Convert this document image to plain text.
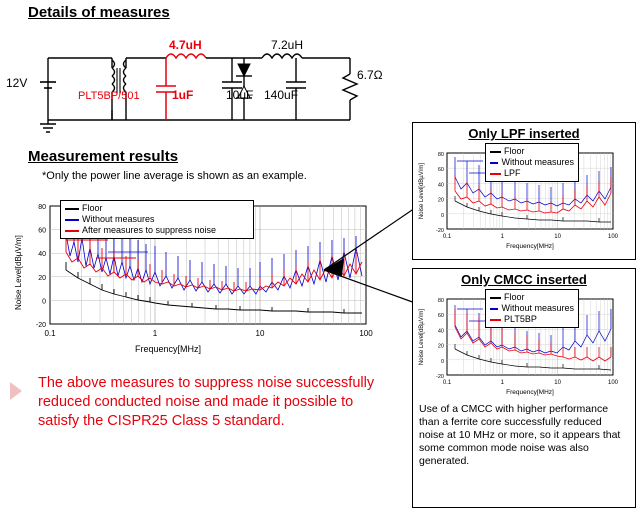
Details of measures
12V
PLT5BP/501
4.7uH
1uF	10uF 140uF
7.2uH
6.7Ω
Measurement results
*Only the power line average is shown as an example.
80
60
40
20
0
-20
0.1	1	10	100
Frequency[MHz]
Noise Level[dBμV/m]
Floor
Without measures
After measures to suppress noise
Only LPF inserted
80
60
40
20
0
-20
0.1	1	10	100
Frequency[MHz]
Noise Level[dBµV/m]
Floor
Without measures
LPF
Only CMCC inserted
80
60
40
20
0
-20
0.1	1	10	100
Frequency[MHz]
Noise Level[dBµV/m]
Floor
Without measures
PLT5BP
Use of a CMCC with higher performance than a ferrite core successfully reduced noise at 10 MHz or more, so it appears that some common mode noise was also generated.
The above measures to suppress noise successfully reduced conducted noise and made it possible to satisfy the CISPR25 Class 5 standard.
